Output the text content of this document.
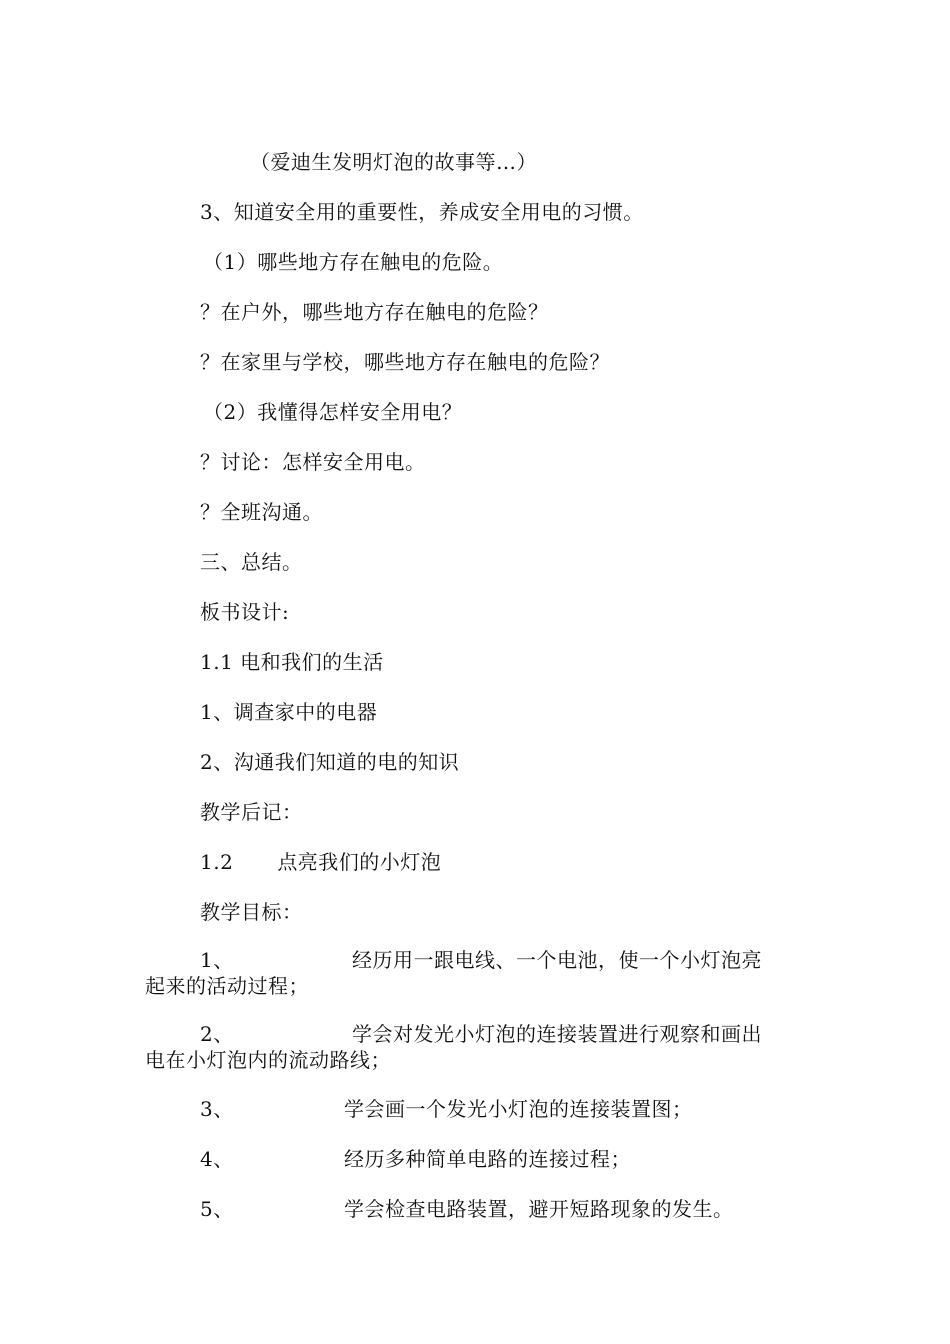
（爱迪生发明灯泡的故事等…）
3、知道安全用的重要性，养成安全用电的习惯。
（1）哪些地方存在触电的危险。
？在户外，哪些地方存在触电的危险？
？在家里与学校，哪些地方存在触电的危险？
（2）我懂得怎样安全用电？
？讨论：怎样安全用电。
？全班沟通。
三、总结。
板书设计:
1.1 电和我们的生活
1、调查家中的电器
2、沟通我们知道的电的知识
教学后记：
1.2 点亮我们的小灯泡
教学目标：
1、	经历用一跟电线、一个电池，使一个小灯泡亮
起来的活动过程；
2、	学会对发光小灯泡的连接装置进行观察和画出
电在小灯泡内的流动路线；
3、	学会画一个发光小灯泡的连接装置图；
4、	经历多种简单电路的连接过程；
5、	学会检查电路装置，避开短路现象的发生。
